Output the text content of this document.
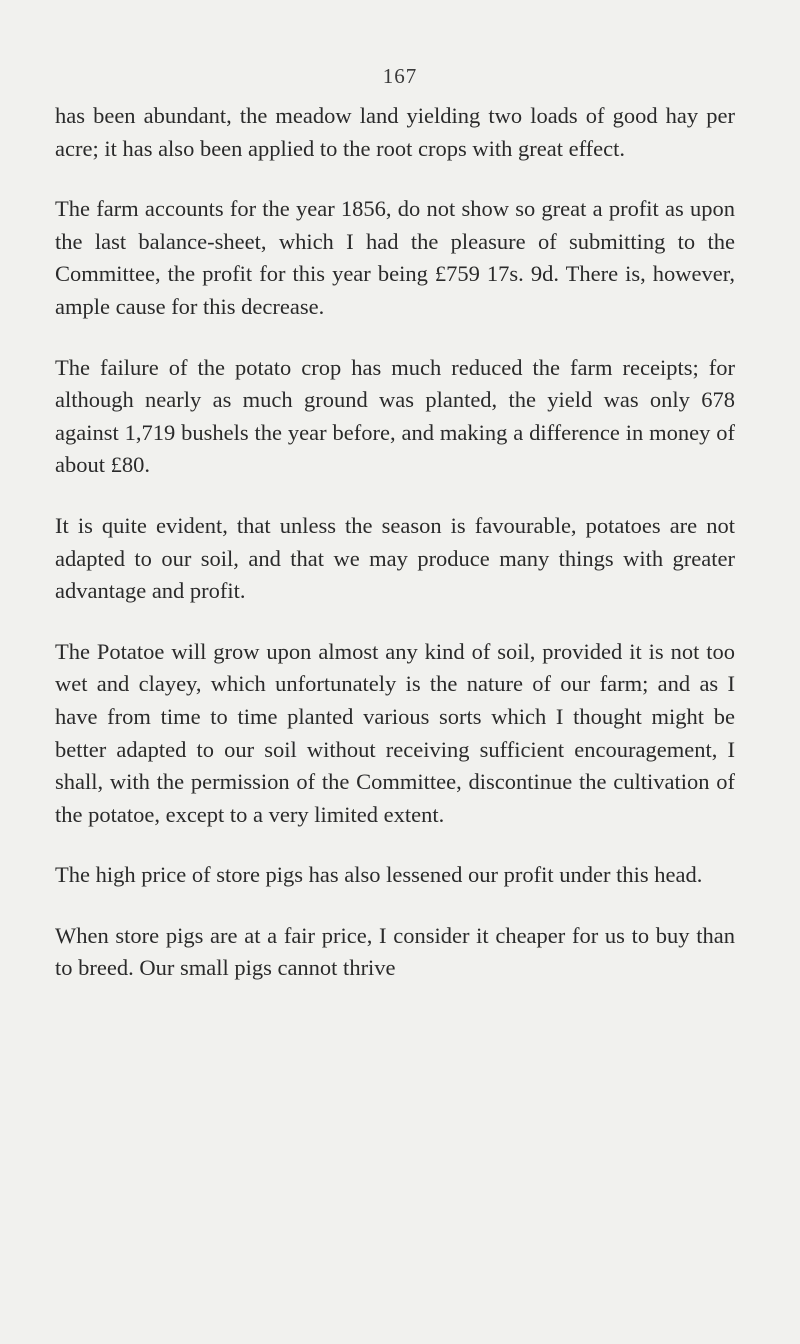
167

has been abundant, the meadow land yielding two loads of good hay per acre; it has also been applied to the root crops with great effect.

The farm accounts for the year 1856, do not show so great a profit as upon the last balance-sheet, which I had the pleasure of submitting to the Committee, the profit for this year being £759 17s. 9d. There is, however, ample cause for this decrease.

The failure of the potato crop has much reduced the farm receipts; for although nearly as much ground was planted, the yield was only 678 against 1,719 bushels the year before, and making a difference in money of about £80.

It is quite evident, that unless the season is favourable, potatoes are not adapted to our soil, and that we may produce many things with greater advantage and profit.

The Potatoe will grow upon almost any kind of soil, provided it is not too wet and clayey, which unfortunately is the nature of our farm; and as I have from time to time planted various sorts which I thought might be better adapted to our soil without receiving sufficient encouragement, I shall, with the permission of the Committee, discontinue the cultivation of the potatoe, except to a very limited extent.

The high price of store pigs has also lessened our profit under this head.

When store pigs are at a fair price, I consider it cheaper for us to buy than to breed. Our small pigs cannot thrive
